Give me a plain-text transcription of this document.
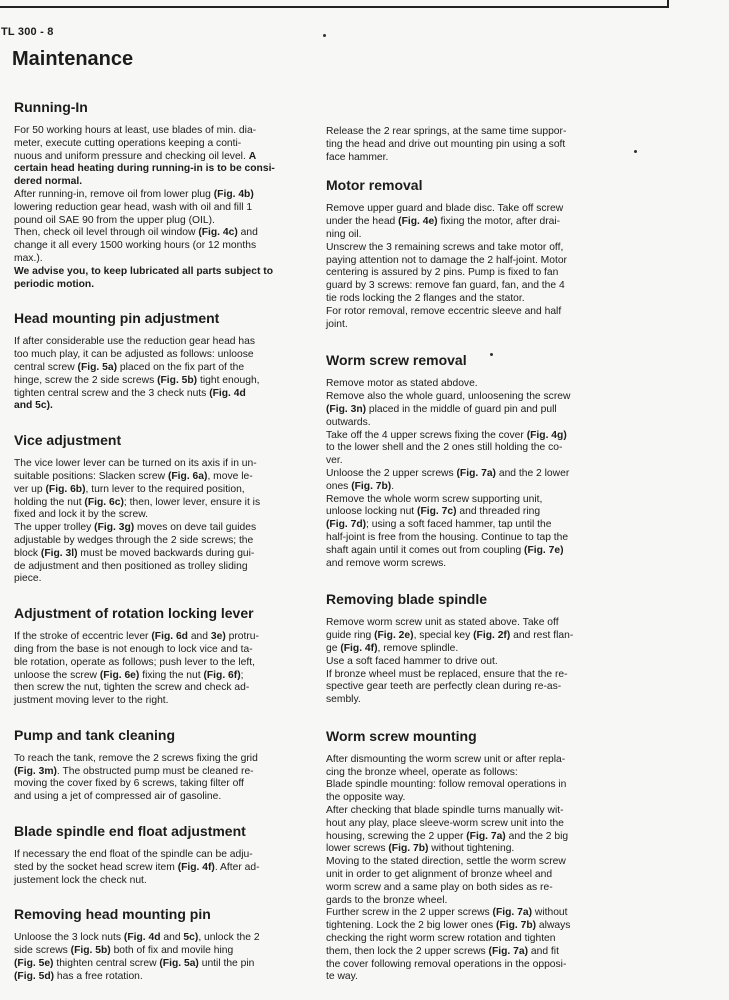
TL 300 - 8
Maintenance
Running-In
For 50 working hours at least, use blades of min. dia-
meter, execute cutting operations keeping a conti-
nuous and uniform pressure and checking oil level. A
certain head heating during running-in is to be consi-
dered normal.
After running-in, remove oil from lower plug (Fig. 4b)
lowering reduction gear head, wash with oil and fill 1
pound oil SAE 90 from the upper plug (OIL).
Then, check oil level through oil window (Fig. 4c) and
change it all every 1500 working hours (or 12 months
max.).
We advise you, to keep lubricated all parts subject to
periodic motion.
Head mounting pin adjustment
If after considerable use the reduction gear head has
too much play, it can be adjusted as follows: unloose
central screw (Fig. 5a) placed on the fix part of the
hinge, screw the 2 side screws (Fig. 5b) tight enough,
tighten central screw and the 3 check nuts (Fig. 4d
and 5c).
Vice adjustment
The vice lower lever can be turned on its axis if in un-
suitable positions: Slacken screw (Fig. 6a), move le-
ver up (Fig. 6b), turn lever to the required position,
holding the nut (Fig. 6c); then, lower lever, ensure it is
fixed and lock it by the screw.
The upper trolley (Fig. 3g) moves on deve tail guides
adjustable by wedges through the 2 side screws; the
block (Fig. 3l) must be moved backwards during gui-
de adjustment and then positioned as trolley sliding
piece.
Adjustment of rotation locking lever
If the stroke of eccentric lever (Fig. 6d and 3e) protru-
ding from the base is not enough to lock vice and ta-
ble rotation, operate as follows; push lever to the left,
unloose the screw (Fig. 6e) fixing the nut (Fig. 6f);
then screw the nut, tighten the screw and check ad-
justment moving lever to the right.
Pump and tank cleaning
To reach the tank, remove the 2 screws fixing the grid
(Fig. 3m). The obstructed pump must be cleaned re-
moving the cover fixed by 6 screws, taking filter off
and using a jet of compressed air of gasoline.
Blade spindle end float adjustment
If necessary the end float of the spindle can be adju-
sted by the socket head screw item (Fig. 4f). After ad-
justement lock the check nut.
Removing head mounting pin
Unloose the 3 lock nuts (Fig. 4d and 5c), unlock the 2
side screws (Fig. 5b) both of fix and movile hing
(Fig. 5e) thighten central screw (Fig. 5a) until the pin
(Fig. 5d) has a free rotation.
Release the 2 rear springs, at the same time suppor-
ting the head and drive out mounting pin using a soft
face hammer.
Motor removal
Remove upper guard and blade disc. Take off screw
under the head (Fig. 4e) fixing the motor, after drai-
ning oil.
Unscrew the 3 remaining screws and take motor off,
paying attention not to damage the 2 half-joint. Motor
centering is assured by 2 pins. Pump is fixed to fan
guard by 3 screws: remove fan guard, fan, and the 4
tie rods locking the 2 flanges and the stator.
For rotor removal, remove eccentric sleeve and half
joint.
Worm screw removal
Remove motor as stated abdove.
Remove also the whole guard, unloosening the screw
(Fig. 3n) placed in the middle of guard pin and pull
outwards.
Take off the 4 upper screws fixing the cover (Fig. 4g)
to the lower shell and the 2 ones still holding the co-
ver.
Unloose the 2 upper screws (Fig. 7a) and the 2 lower
ones (Fig. 7b).
Remove the whole worm screw supporting unit,
unloose locking nut (Fig. 7c) and threaded ring
(Fig. 7d); using a soft faced hammer, tap until the
half-joint is free from the housing. Continue to tap the
shaft again until it comes out from coupling (Fig. 7e)
and remove worm screws.
Removing blade spindle
Remove worm screw unit as stated above. Take off
guide ring (Fig. 2e), special key (Fig. 2f) and rest flan-
ge (Fig. 4f), remove splindle.
Use a soft faced hammer to drive out.
If bronze wheel must be replaced, ensure that the re-
spective gear teeth are perfectly clean during re-as-
sembly.
Worm screw mounting
After dismounting the worm screw unit or after repla-
cing the bronze wheel, operate as follows:
Blade spindle mounting: follow removal operations in
the opposite way.
After checking that blade spindle turns manually wit-
hout any play, place sleeve-worm screw unit into the
housing, screwing the 2 upper (Fig. 7a) and the 2 big
lower screws (Fig. 7b) without tightening.
Moving to the stated direction, settle the worm screw
unit in order to get alignment of bronze wheel and
worm screw and a same play on both sides as re-
gards to the bronze wheel.
Further screw in the 2 upper screws (Fig. 7a) without
tightening. Lock the 2 big lower ones (Fig. 7b) always
checking the right worm screw rotation and tighten
them, then lock the 2 upper screws (Fig. 7a) and fit
the cover following removal operations in the opposi-
te way.
